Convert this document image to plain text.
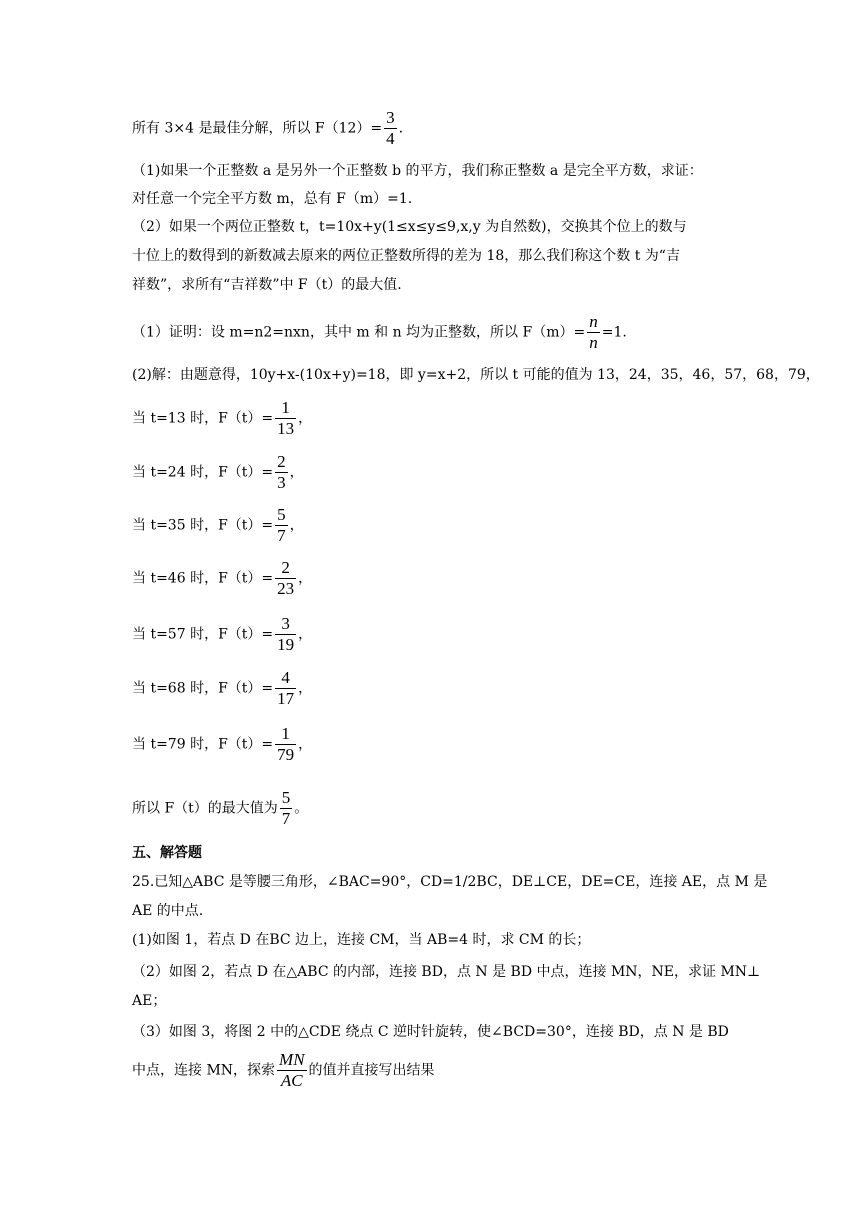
所有 3×4 是最佳分解，所以 $F(12)= \frac{3}{4}$ .
（1)如果一个正整数 a 是另外一个正整数 b 的平方，我们称正整数 a 是完全平方数，求证：
对任意一个完全平方数 m，总有 F（m）=1.
（2）如果一个两位正整数 t，t=10x+y(1≤x≤y≤9,x,y 为自然数)，交换其个位上的数与
十位上的数得到的新数减去原来的两位正整数所得的差为 18，那么我们称这个数 t 为“吉
祥数”，求所有“吉祥数”中 F（t）的最大值.
（1）证明：设 m=n2=nxn，其中 m 和 n 均为正整数，所以 $F(m)= \frac{n}{n} =1$.
(2)解：由题意得，10y+x-(10x+y)=18，即 y=x+2，所以 t 可能的值为 13，24，35，46，57，68，79，
当 t=13 时，$F(t)= \frac{1}{13}$ ，
当 t=24 时，$F(t)= \frac{2}{3}$ ，
当 t=35 时，$F(t)= \frac{5}{7}$ ，
当 t=46 时，$F(t)= \frac{2}{23}$ ，
当 t=57 时，$F(t)= \frac{3}{19}$ ，
当 t=68 时，$F(t)= \frac{4}{17}$ ，
当 t=79 时，$F(t)= \frac{1}{79}$ ，
所以 F（t）的最大值为 $\frac{5}{7}$ 。
五、解答题
25.已知△ABC 是等腰三角形，∠BAC=90°，CD=1/2BC，DE⊥CE，DE=CE，连接 AE，点 M 是
AE 的中点.
(1)如图 1，若点 D 在BC 边上，连接 CM，当 AB=4 时，求 CM 的长；
（2）如图 2，若点 D 在△ABC 的内部，连接 BD，点 N 是 BD 中点，连接 MN，NE，求证 MN⊥
AE；
（3）如图 3，将图 2 中的△CDE 绕点 C 逆时针旋转，使∠BCD=30°，连接 BD，点 N 是 BD
中点，连接 MN，探索 $\frac{MN}{AC}$ 的值并直接写出结果
